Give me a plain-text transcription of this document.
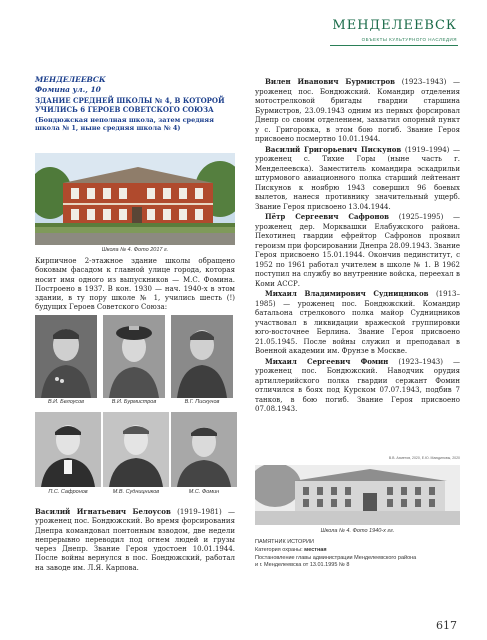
МЕНДЕЛЕЕВСК
ОБЪЕКТЫ КУЛЬТУРНОГО НАСЛЕДИЯ
МЕНДЕЛЕЕВСК
Фомина ул., 10
ЗДАНИЕ СРЕДНЕЙ ШКОЛЫ № 4, В КОТОРОЙ УЧИЛИСЬ 6 ГЕРОЕВ СОВЕТСКОГО СОЮЗА
(Бондюжская неполная школа, затем средняя школа № 1, ныне средняя школа № 4)
Школа № 4. Фото 2017 г.
Кирпичное 2-этажное здание школы обращено боковым фасадом к главной улице города, которая носит имя одного из выпускников — М.С. Фомина. Построено в 1937. В кон. 1930 — нач. 1940-х в этом здании, в ту пору школе № 1, учились шесть (!) будущих Героев Советского Союза:
В.И. Белоусов	В.И. Бурмистров	В.Г. Пискунов
П.С. Сафронов	М.В. Судницников	М.С. Фомин
Василий Игнатьевич Белоусов (1919–1981) — уроженец пос. Бондюжский. Во время форсирования Днепра командовал понтонным взводом, две недели непрерывно переводил под огнем людей и грузы через Днепр. Звание Героя удостоен 10.01.1944. После войны вернулся в пос. Бондюжский, работал на заводе им. Л.Я. Карпова.
Вилен Иванович Бурмистров (1923–1943) — уроженец пос. Бондюжский. Командир отделения мотострелковой бригады гвардии старшина Бурмистров, 23.09.1943 одним из первых форсировал Днепр со своим отделением, захватил опорный пункт у с. Григоровка, в этом бою погиб. Звание Героя присвоено посмертно 10.01.1944.
Василий Григорьевич Пискунов (1919–1994) — уроженец с. Тихие Горы (ныне часть г. Менделеевска). Заместитель командира эскадрильи штурмового авиационного полка старший лейтенант Пискунов к ноябрю 1943 совершил 96 боевых вылетов, нанеся противнику значительный ущерб. Звание Героя присвоено 13.04.1944.
Пётр Сергеевич Сафронов (1925–1995) — уроженец дер. Морквашки Елабужского района. Пехотинец гвардии ефрейтор Сафронов проявил героизм при форсировании Днепра 28.09.1943. Звание Героя присвоено 15.01.1944. Окончив пединститут, с 1952 по 1961 работал учителем в школе № 1. В 1962 поступил на службу во внутренние войска, переехал в Коми АССР.
Михаил Владимирович Судницников (1913–1985) — уроженец пос. Бондюжский. Командир батальона стрелкового полка майор Судницников участвовал в ликвидации вражеской группировки юго-восточнее Берлина. Звание Героя присвоено 21.05.1945. После войны служил и преподавал в Военной академии им. Фрунзе в Москве.
Михаил Сергеевич Фомин (1923–1943) — уроженец пос. Бондюжский. Наводчик орудия артиллерийского полка гвардии сержант Фомин отличился в боях под Курском 07.07.1943, подбив 7 танков, в бою погиб. Звание Героя присвоено 07.08.1943.
В.В. Ахметов, 2020, Е.Ю. Маюдиновы, 2020
Школа № 4. Фото 1940-х гг.
ПАМЯТНИК ИСТОРИИ
Категория охраны: местная
Постановление главы администрации Менделеевского района
и г. Менделеевска от 13.01.1995 № 8
617
